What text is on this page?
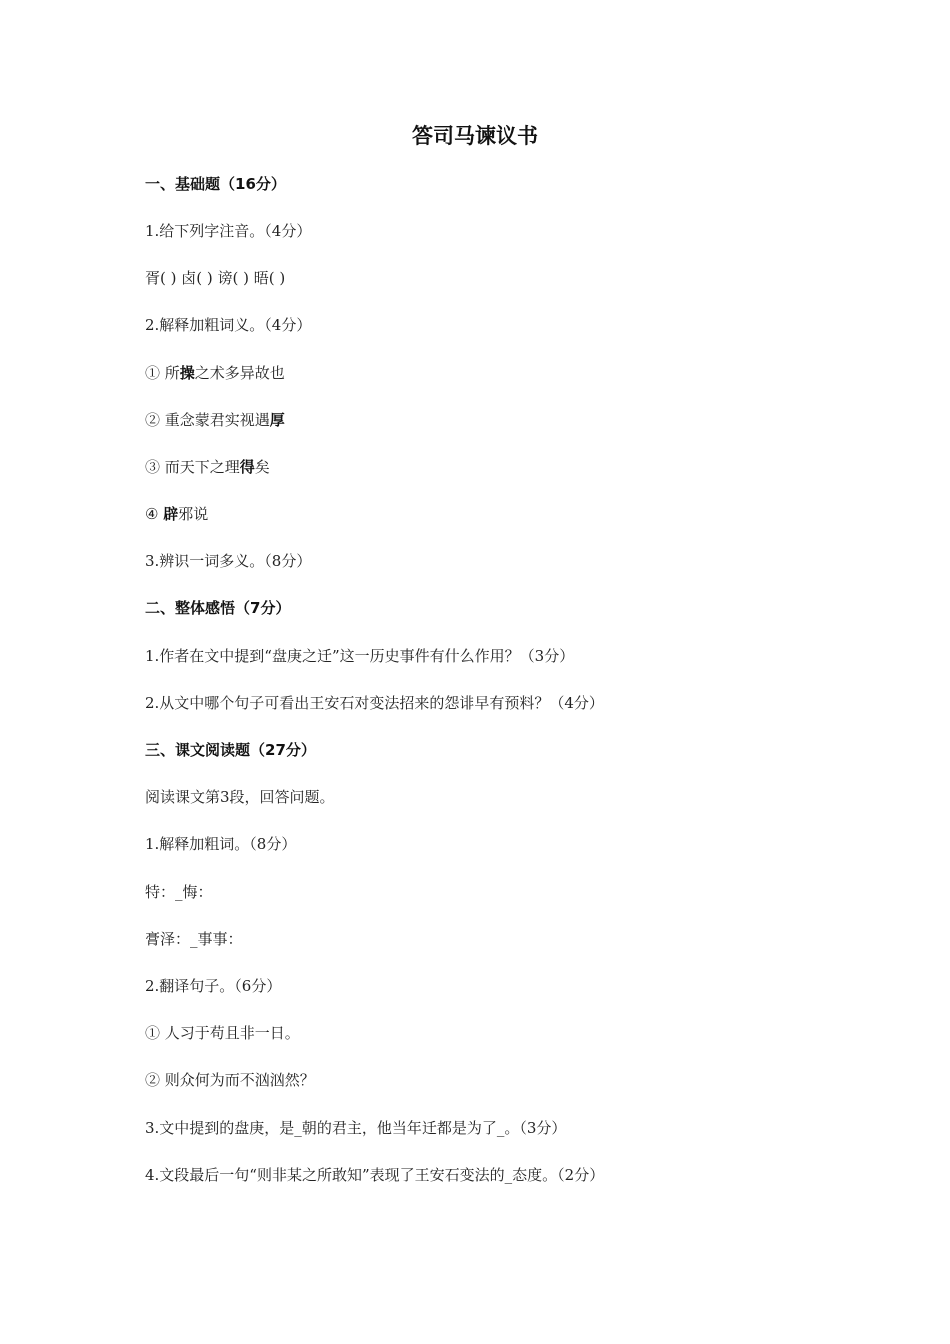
答司马谏议书

一、基础题（16分）

1.给下列字注音。（4分）

胥( ) 卤( ) 谤( ) 晤( )

2.解释加粗词义。（4分）

① 所操之术多异故也

② 重念蒙君实视遇厚

③ 而天下之理得矣

④ 辟邪说

3.辨识一词多义。（8分）

二、整体感悟（7分）

1.作者在文中提到“盘庚之迁”这一历史事件有什么作用？（3分）

2.从文中哪个句子可看出王安石对变法招来的怨诽早有预料？（4分）

三、课文阅读题（27分）

阅读课文第3段，回答问题。

1.解释加粗词。（8分）

特：_悔：

膏泽：_事事：

2.翻译句子。（6分）

① 人习于苟且非一日。

② 则众何为而不汹汹然？

3.文中提到的盘庚，是_朝的君主，他当年迁都是为了_。（3分）

4.文段最后一句“则非某之所敢知”表现了王安石变法的_态度。（2分）
